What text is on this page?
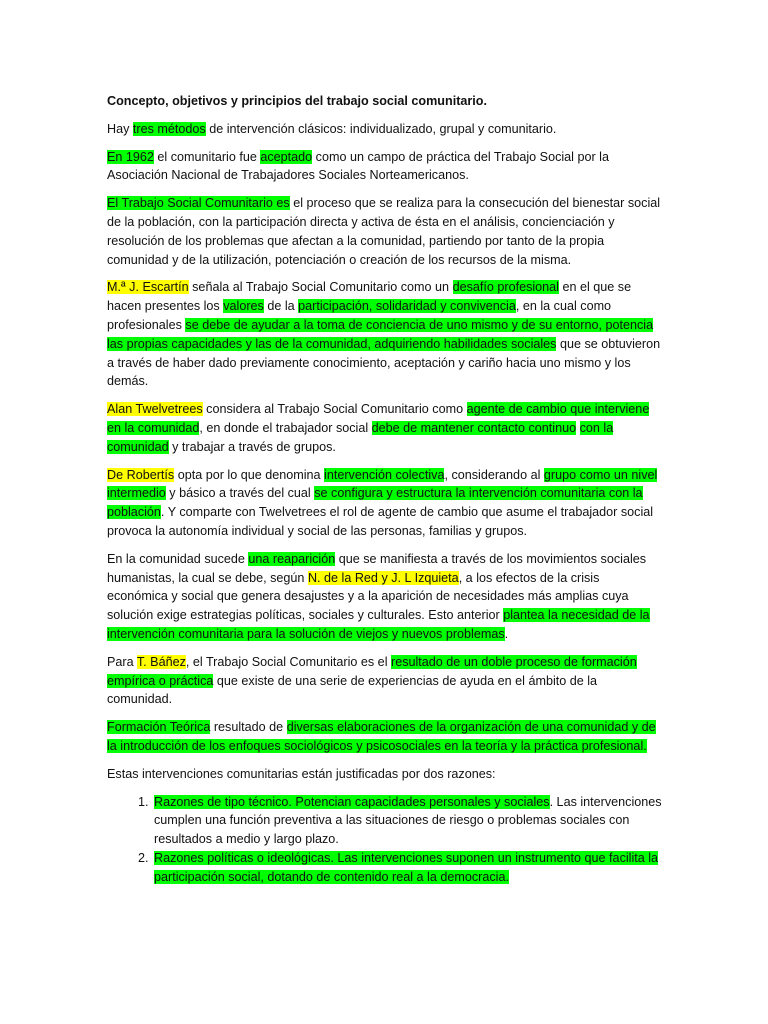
Concepto, objetivos y principios del trabajo social comunitario.

Hay tres métodos de intervención clásicos: individualizado, grupal y comunitario.

En 1962 el comunitario fue aceptado como un campo de práctica del Trabajo Social por la Asociación Nacional de Trabajadores Sociales Norteamericanos.

El Trabajo Social Comunitario es el proceso que se realiza para la consecución del bienestar social de la población, con la participación directa y activa de ésta en el análisis, concienciación y resolución de los problemas que afectan a la comunidad, partiendo por tanto de la propia comunidad y de la utilización, potenciación o creación de los recursos de la misma.

M.ª J. Escartín señala al Trabajo Social Comunitario como un desafío profesional en el que se hacen presentes los valores de la participación, solidaridad y convivencia, en la cual como profesionales se debe de ayudar a la toma de conciencia de uno mismo y de su entorno, potencia las propias capacidades y las de la comunidad, adquiriendo habilidades sociales que se obtuvieron a través de haber dado previamente conocimiento, aceptación y cariño hacia uno mismo y los demás.

Alan Twelvetrees considera al Trabajo Social Comunitario como agente de cambio que interviene en la comunidad, en donde el trabajador social debe de mantener contacto continuo con la comunidad y trabajar a través de grupos.

De Robertís opta por lo que denomina intervención colectiva, considerando al grupo como un nivel intermedio y básico a través del cual se configura y estructura la intervención comunitaria con la población. Y comparte con Twelvetrees el rol de agente de cambio que asume el trabajador social provoca la autonomía individual y social de las personas, familias y grupos.

En la comunidad sucede una reaparición que se manifiesta a través de los movimientos sociales humanistas, la cual se debe, según N. de la Red y J. L Izquieta, a los efectos de la crisis económica y social que genera desajustes y a la aparición de necesidades más amplias cuya solución exige estrategias políticas, sociales y culturales. Esto anterior plantea la necesidad de la intervención comunitaria para la solución de viejos y nuevos problemas.

Para T. Báñez, el Trabajo Social Comunitario es el resultado de un doble proceso de formación empírica o práctica que existe de una serie de experiencias de ayuda en el ámbito de la comunidad.

Formación Teórica resultado de diversas elaboraciones de la organización de una comunidad y de la introducción de los enfoques sociológicos y psicosociales en la teoría y la práctica profesional.

Estas intervenciones comunitarias están justificadas por dos razones:

1. Razones de tipo técnico. Potencian capacidades personales y sociales. Las intervenciones cumplen una función preventiva a las situaciones de riesgo o problemas sociales con resultados a medio y largo plazo.
2. Razones políticas o ideológicas. Las intervenciones suponen un instrumento que facilita la participación social, dotando de contenido real a la democracia.
